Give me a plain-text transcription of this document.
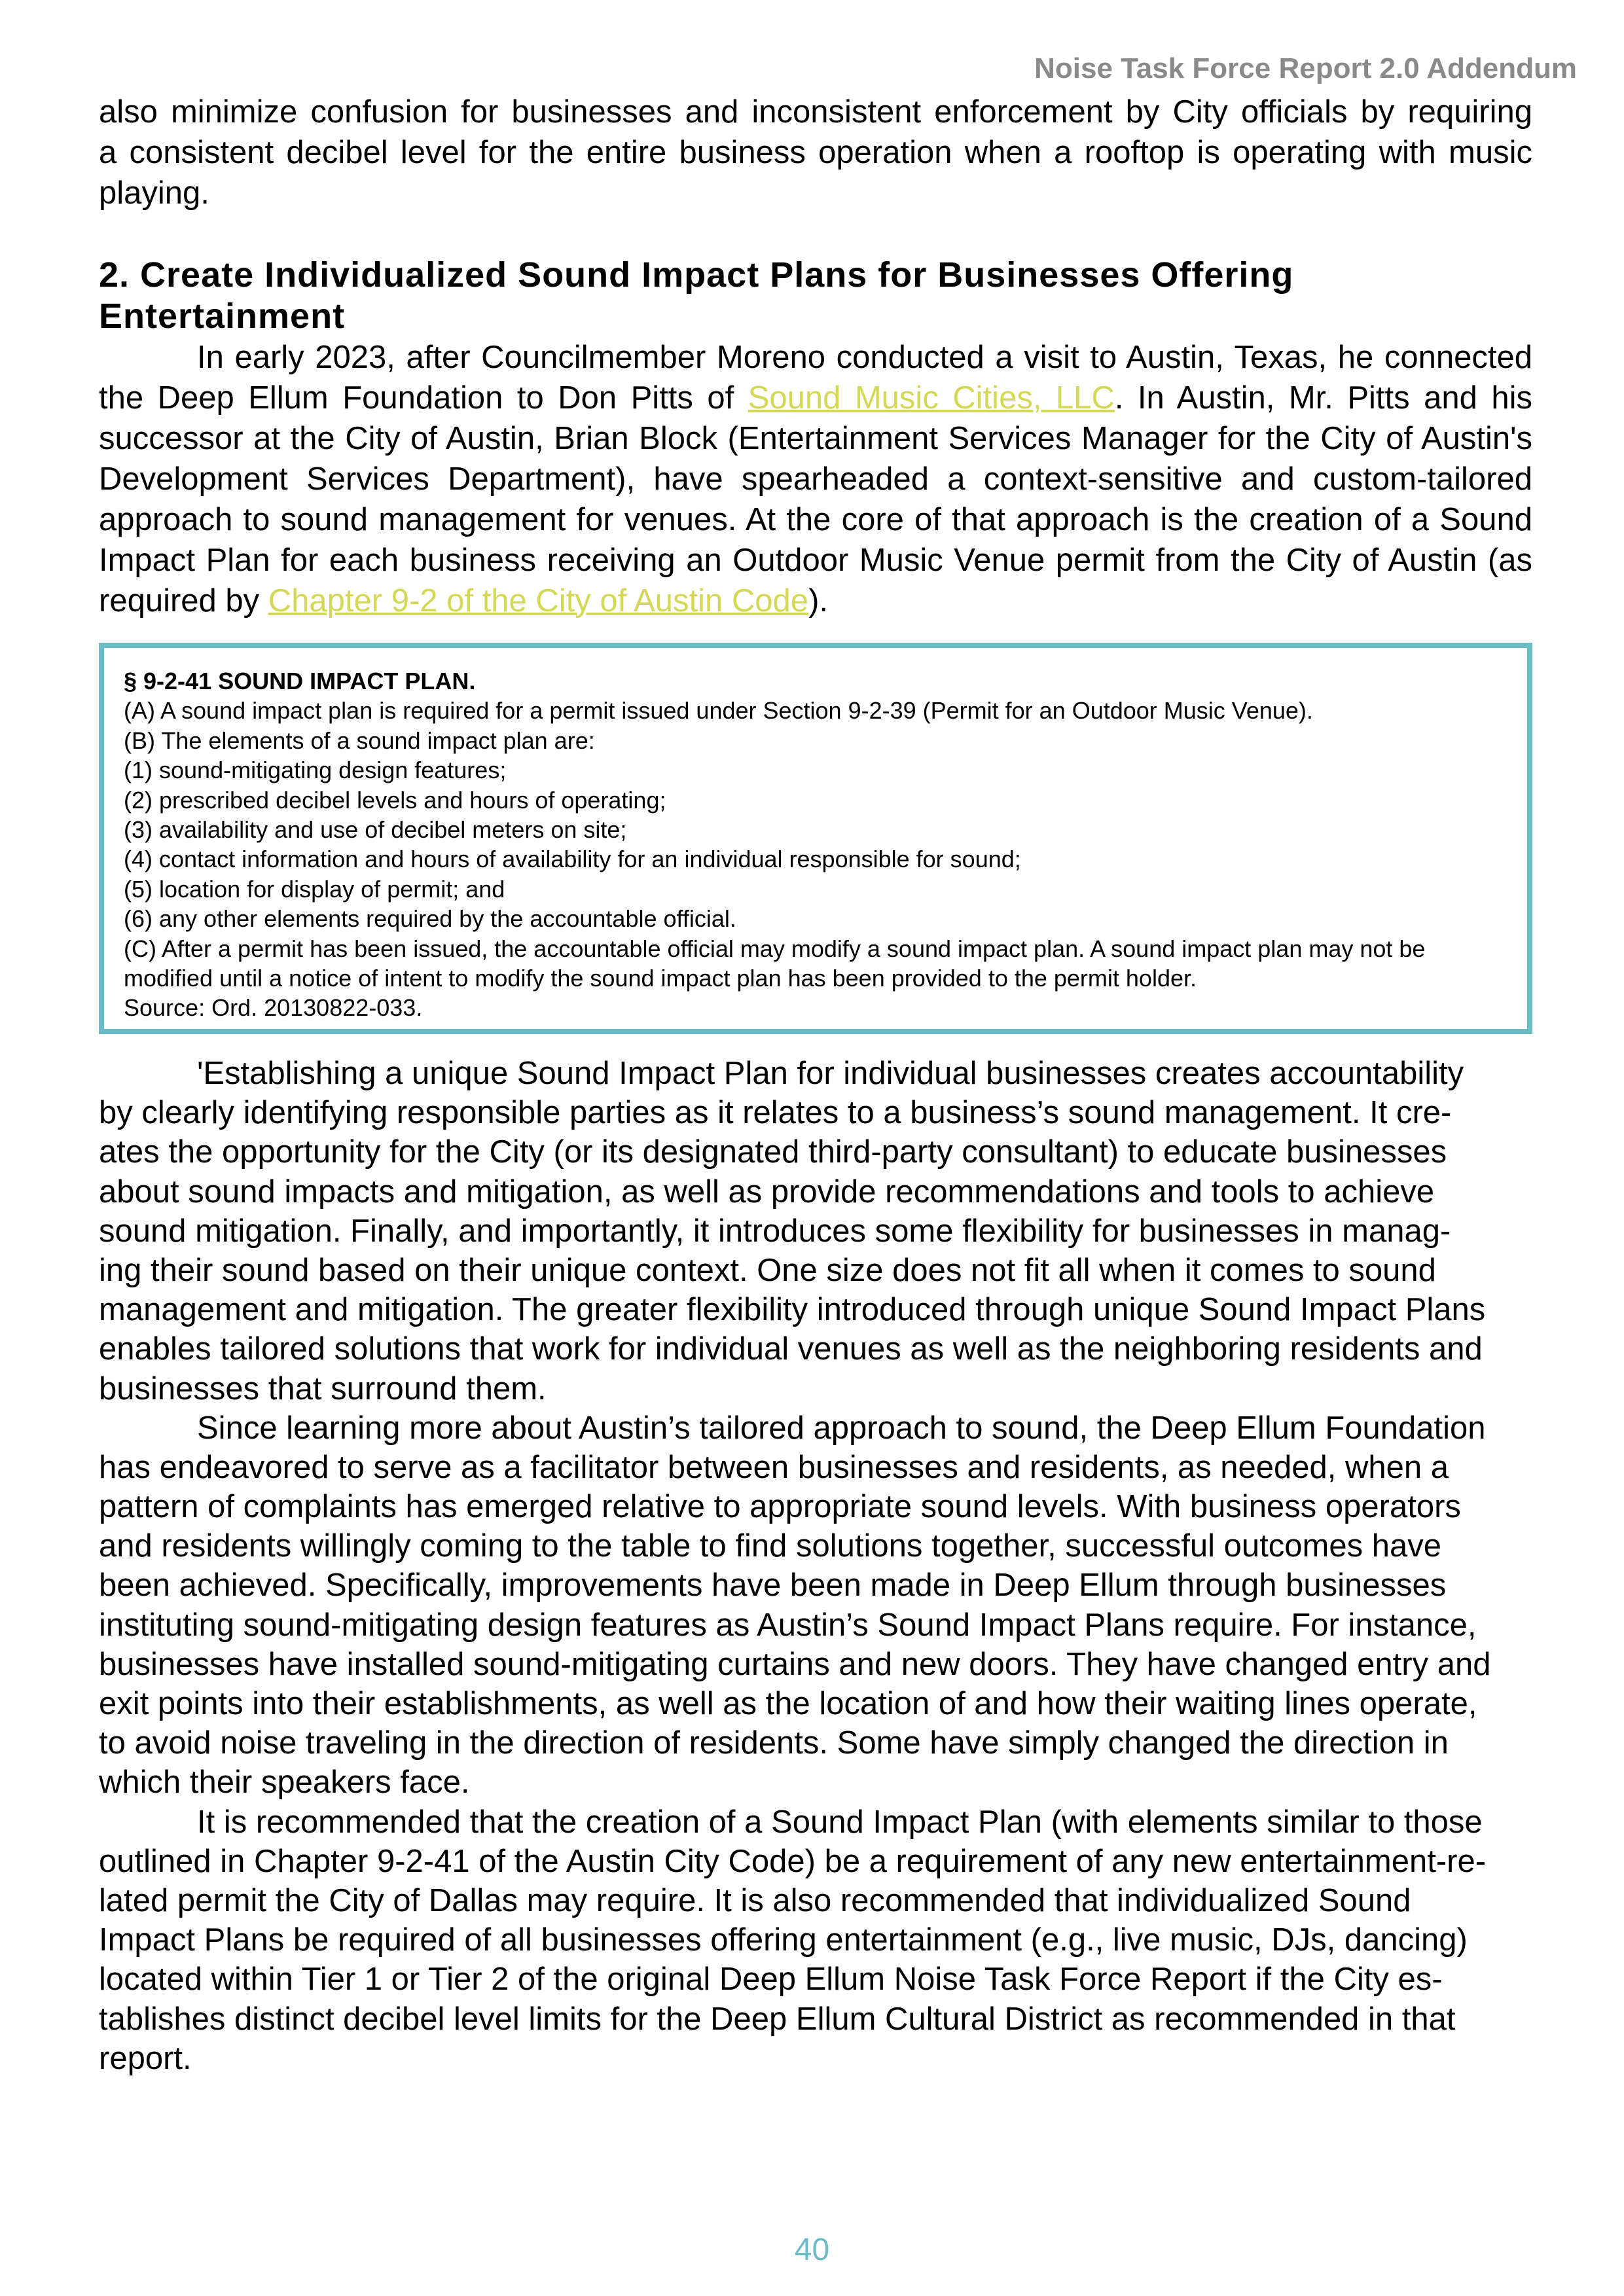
Noise Task Force Report 2.0 Addendum
also minimize confusion for businesses and inconsistent enforcement by City officials by requiring
a consistent decibel level for the entire business operation when a rooftop is operating with music
playing.
2. Create Individualized Sound Impact Plans for Businesses Offering
Entertainment
In early 2023, after Councilmember Moreno conducted a visit to Austin, Texas, he connected
the Deep Ellum Foundation to Don Pitts of Sound Music Cities, LLC. In Austin, Mr. Pitts and his
successor at the City of Austin, Brian Block (Entertainment Services Manager for the City of Austin's
Development Services Department), have spearheaded a context-sensitive and custom-tailored
approach to sound management for venues. At the core of that approach is the creation of a Sound
Impact Plan for each business receiving an Outdoor Music Venue permit from the City of Austin (as
required by Chapter 9-2 of the City of Austin Code).
§ 9-2-41 SOUND IMPACT PLAN.
(A) A sound impact plan is required for a permit issued under Section 9-2-39 (Permit for an Outdoor Music Venue).
(B) The elements of a sound impact plan are:
(1) sound-mitigating design features;
(2) prescribed decibel levels and hours of operating;
(3) availability and use of decibel meters on site;
(4) contact information and hours of availability for an individual responsible for sound;
(5) location for display of permit; and
(6) any other elements required by the accountable official.
(C) After a permit has been issued, the accountable official may modify a sound impact plan. A sound impact plan may not be
modified until a notice of intent to modify the sound impact plan has been provided to the permit holder.
Source: Ord. 20130822-033.
'Establishing a unique Sound Impact Plan for individual businesses creates accountability
by clearly identifying responsible parties as it relates to a business’s sound management. It cre-
ates the opportunity for the City (or its designated third-party consultant) to educate businesses
about sound impacts and mitigation, as well as provide recommendations and tools to achieve
sound mitigation. Finally, and importantly, it introduces some flexibility for businesses in manag-
ing their sound based on their unique context. One size does not fit all when it comes to sound
management and mitigation. The greater flexibility introduced through unique Sound Impact Plans
enables tailored solutions that work for individual venues as well as the neighboring residents and
businesses that surround them.
Since learning more about Austin’s tailored approach to sound, the Deep Ellum Foundation
has endeavored to serve as a facilitator between businesses and residents, as needed, when a
pattern of complaints has emerged relative to appropriate sound levels. With business operators
and residents willingly coming to the table to find solutions together, successful outcomes have
been achieved. Specifically, improvements have been made in Deep Ellum through businesses
instituting sound-mitigating design features as Austin’s Sound Impact Plans require. For instance,
businesses have installed sound-mitigating curtains and new doors. They have changed entry and
exit points into their establishments, as well as the location of and how their waiting lines operate,
to avoid noise traveling in the direction of residents. Some have simply changed the direction in
which their speakers face.
It is recommended that the creation of a Sound Impact Plan (with elements similar to those
outlined in Chapter 9-2-41 of the Austin City Code) be a requirement of any new entertainment-re-
lated permit the City of Dallas may require. It is also recommended that individualized Sound
Impact Plans be required of all businesses offering entertainment (e.g., live music, DJs, dancing)
located within Tier 1 or Tier 2 of the original Deep Ellum Noise Task Force Report if the City es-
tablishes distinct decibel level limits for the Deep Ellum Cultural District as recommended in that
report.
40
